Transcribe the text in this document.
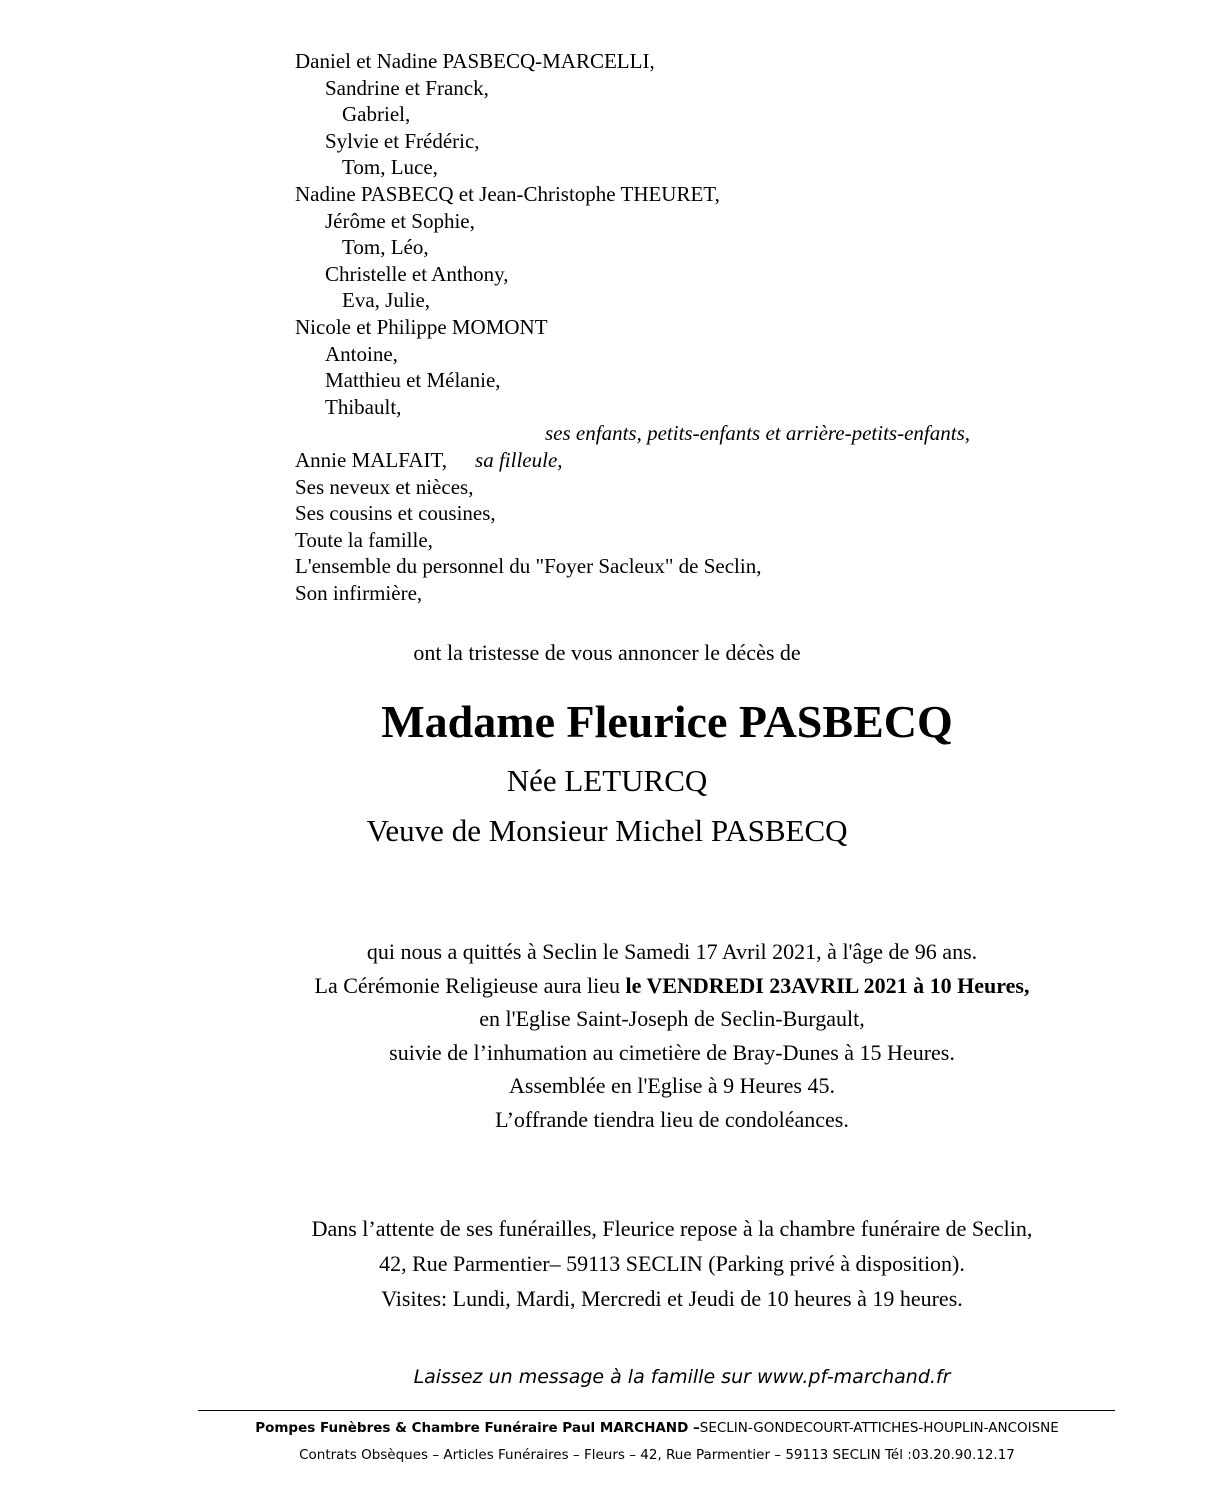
Daniel et Nadine PASBECQ-MARCELLI,
Sandrine et Franck,
Gabriel,
Sylvie et Frédéric,
Tom, Luce,
Nadine PASBECQ et Jean-Christophe THEURET,
Jérôme et Sophie,
Tom, Léo,
Christelle et Anthony,
Eva, Julie,
Nicole et Philippe MOMONT
Antoine,
Matthieu et Mélanie,
Thibault,
ses enfants, petits-enfants et arrière-petits-enfants,
Annie MALFAIT, sa filleule,
Ses neveux et nièces,
Ses cousins et cousines,
Toute la famille,
L'ensemble du personnel du "Foyer Sacleux" de Seclin,
Son infirmière,
ont la tristesse de vous annoncer le décès de
Madame Fleurice PASBECQ
Née LETURCQ
Veuve de Monsieur Michel PASBECQ
qui nous a quittés à Seclin le Samedi 17 Avril 2021, à l'âge de 96 ans.
La Cérémonie Religieuse aura lieu le VENDREDI 23AVRIL 2021 à 10 Heures,
en l'Eglise Saint-Joseph de Seclin-Burgault,
suivie de l’inhumation au cimetière de Bray-Dunes à 15 Heures.
Assemblée en l'Eglise à 9 Heures 45.
L’offrande tiendra lieu de condoléances.
Dans l’attente de ses funérailles, Fleurice repose à la chambre funéraire de Seclin,
42, Rue Parmentier– 59113 SECLIN (Parking privé à disposition).
Visites: Lundi, Mardi, Mercredi et Jeudi de 10 heures à 19 heures.
Laissez un message à la famille sur www.pf-marchand.fr
Pompes Funèbres & Chambre Funéraire Paul MARCHAND –SECLIN-GONDECOURT-ATTICHES-HOUPLIN-ANCOISNE
Contrats Obsèques – Articles Funéraires – Fleurs – 42, Rue Parmentier – 59113 SECLIN Tél :03.20.90.12.17
